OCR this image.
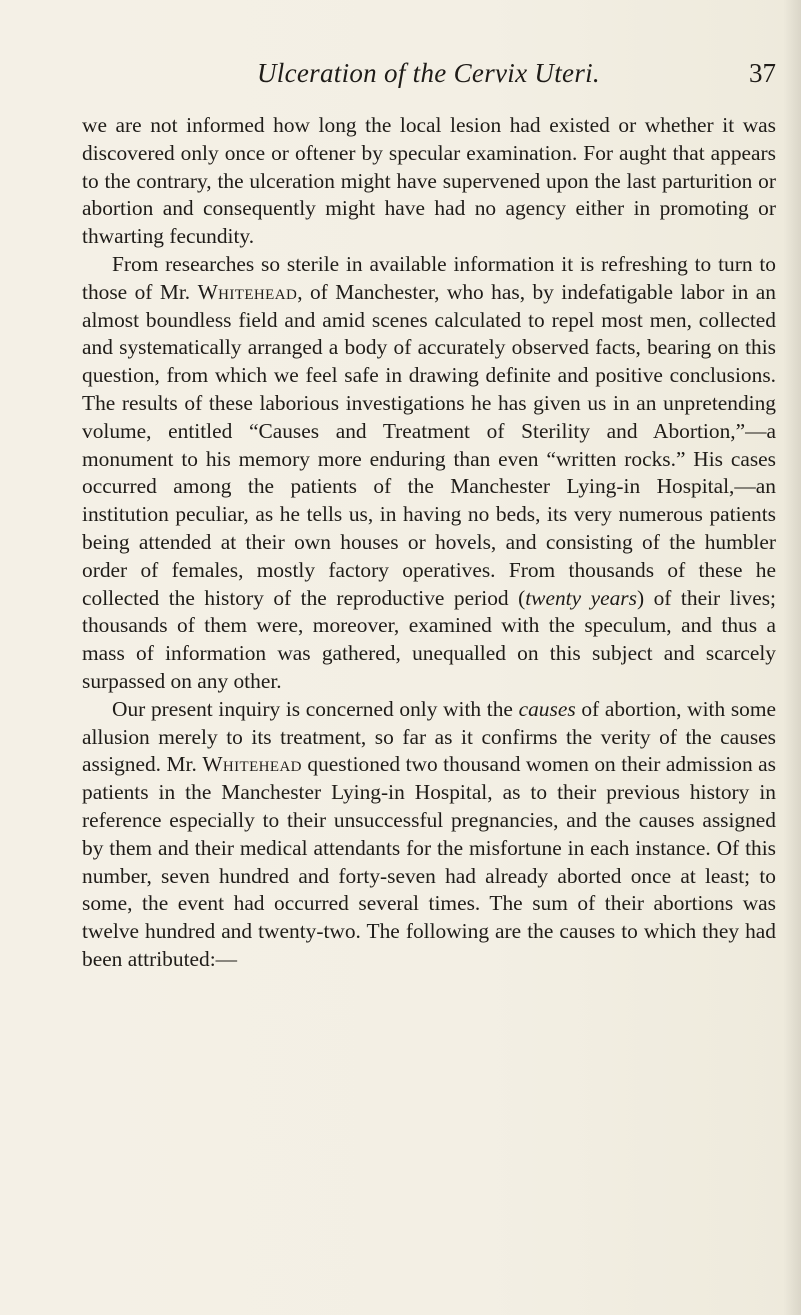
Ulceration of the Cervix Uteri.	37

we are not informed how long the local lesion had existed or whether it was discovered only once or oftener by specular examination. For aught that appears to the contrary, the ulceration might have supervened upon the last parturition or abortion and consequently might have had no agency either in promoting or thwarting fecundity.

From researches so sterile in available information it is refreshing to turn to those of Mr. Whitehead, of Manchester, who has, by indefatigable labor in an almost boundless field and amid scenes calculated to repel most men, collected and systematically arranged a body of accurately observed facts, bearing on this question, from which we feel safe in drawing definite and positive conclusions. The results of these laborious investigations he has given us in an unpretending volume, entitled “Causes and Treatment of Sterility and Abortion,”—a monument to his memory more enduring than even “written rocks.” His cases occurred among the patients of the Manchester Lying-in Hospital,—an institution peculiar, as he tells us, in having no beds, its very numerous patients being attended at their own houses or hovels, and consisting of the humbler order of females, mostly factory operatives. From thousands of these he collected the history of the reproductive period (twenty years) of their lives; thousands of them were, moreover, examined with the speculum, and thus a mass of information was gathered, unequalled on this subject and scarcely surpassed on any other.

Our present inquiry is concerned only with the causes of abortion, with some allusion merely to its treatment, so far as it confirms the verity of the causes assigned. Mr. Whitehead questioned two thousand women on their admission as patients in the Manchester Lying-in Hospital, as to their previous history in reference especially to their unsuccessful pregnancies, and the causes assigned by them and their medical attendants for the misfortune in each instance. Of this number, seven hundred and forty-seven had already aborted once at least; to some, the event had occurred several times. The sum of their abortions was twelve hundred and twenty-two. The following are the causes to which they had been attributed:—
